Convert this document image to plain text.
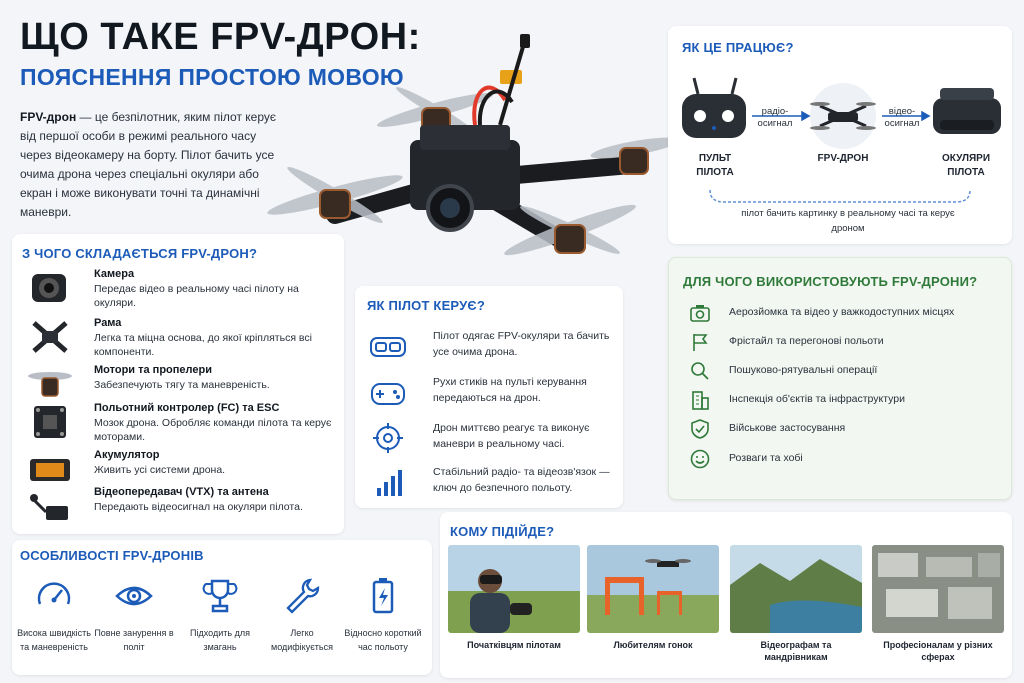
ЩО ТАКЕ FPV-ДРОН:
ПОЯСНЕННЯ ПРОСТОЮ МОВОЮ
FPV-дрон — це безпілотник, яким пілот керує від першої особи в режимі реального часу через відеокамеру на борту. Пілот бачить усе очима дрона через спеціальні окуляри або екран і може виконувати точні та динамічні маневри.
ЯК ЦЕ ПРАЦЮЄ?
ПУЛЬТ
ПІЛОТА
FPV-ДРОН	ОКУЛЯРИ
ПІЛОТА
радіо-
осигнал
відео-
осигнал
пілот бачить картинку в реальному часі та керує дроном
З ЧОГО СКЛАДАЄТЬСЯ FPV-ДРОН?
Камера
Передає відео в реальному часі пілоту на окуляри.
Рама
Легка та міцна основа, до якої кріпляться всі компоненти.
Мотори та пропелери
Забезпечують тягу та маневреність.
Польотний контролер (FC) та ESC
Мозок дрона. Обробляє команди пілота та керує моторами.
Акумулятор
Живить усі системи дрона.
Відеопередавач (VTX) та антена
Передають відеосигнал на окуляри пілота.
ЯК ПІЛОТ КЕРУЄ?
Пілот одягає FPV-окуляри та бачить усе очима дрона.
Рухи стиків на пульті керування передаються на дрон.
Дрон миттєво реагує та виконує маневри в реальному часі.
Стабільний радіо- та відеозв'язок — ключ до безпечного польоту.
ДЛЯ ЧОГО ВИКОРИСТОВУЮТЬ FPV-ДРОНИ?
Аерозйомка та відео у важкодоступних місцях
Фрістайл та перегонові польоти
Пошуково-рятувальні операції
Інспекція об'єктів та інфраструктури
Військове застосування
Розваги та хобі
ОСОБЛИВОСТІ FPV-ДРОНІВ
Висока швидкість та маневреність
Повне занурення в політ
Підходить для змагань
Легко модифікується
Відносно короткий час польоту
КОМУ ПІДІЙДЕ?
Початківцям пілотам	Любителям гонок	Відеографам та мандрівникам
Професіоналам у різних сферах
